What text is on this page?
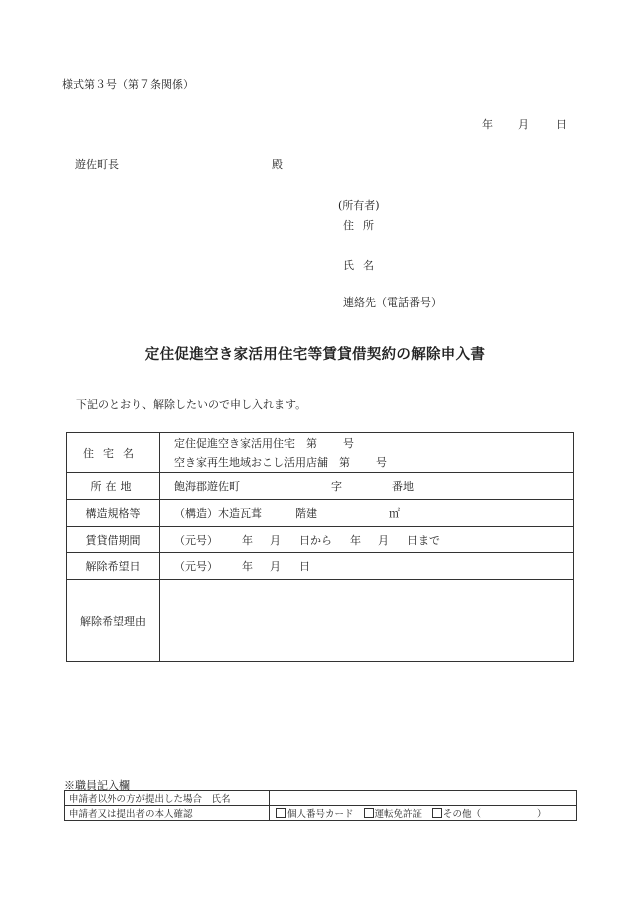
様式第３号（第７条関係）
年 月 日
遊佐町長	殿
(所有者)
住所
氏名
連絡先（電話番号）
定住促進空き家活用住宅等賃貸借契約の解除申入書
下記のとおり、解除したいので申し入れます。
住宅名	定住促進空き家活用住宅　第 号
空き家再生地域おこし活用店舗　第 号

所在地	飽海郡遊佐町 字 番地
構造規格等	（構造）木造瓦葺 階建 ㎡
賃貸借期間	（元号） 年 月 日から 年 月 日まで
解除希望日	（元号） 年 月 日
解除希望理由	
※職員記入欄
申請者以外の方が提出した場合　氏名	
申請者又は提出者の本人確認	個人番号カード 運転免許証 その他（ ）
